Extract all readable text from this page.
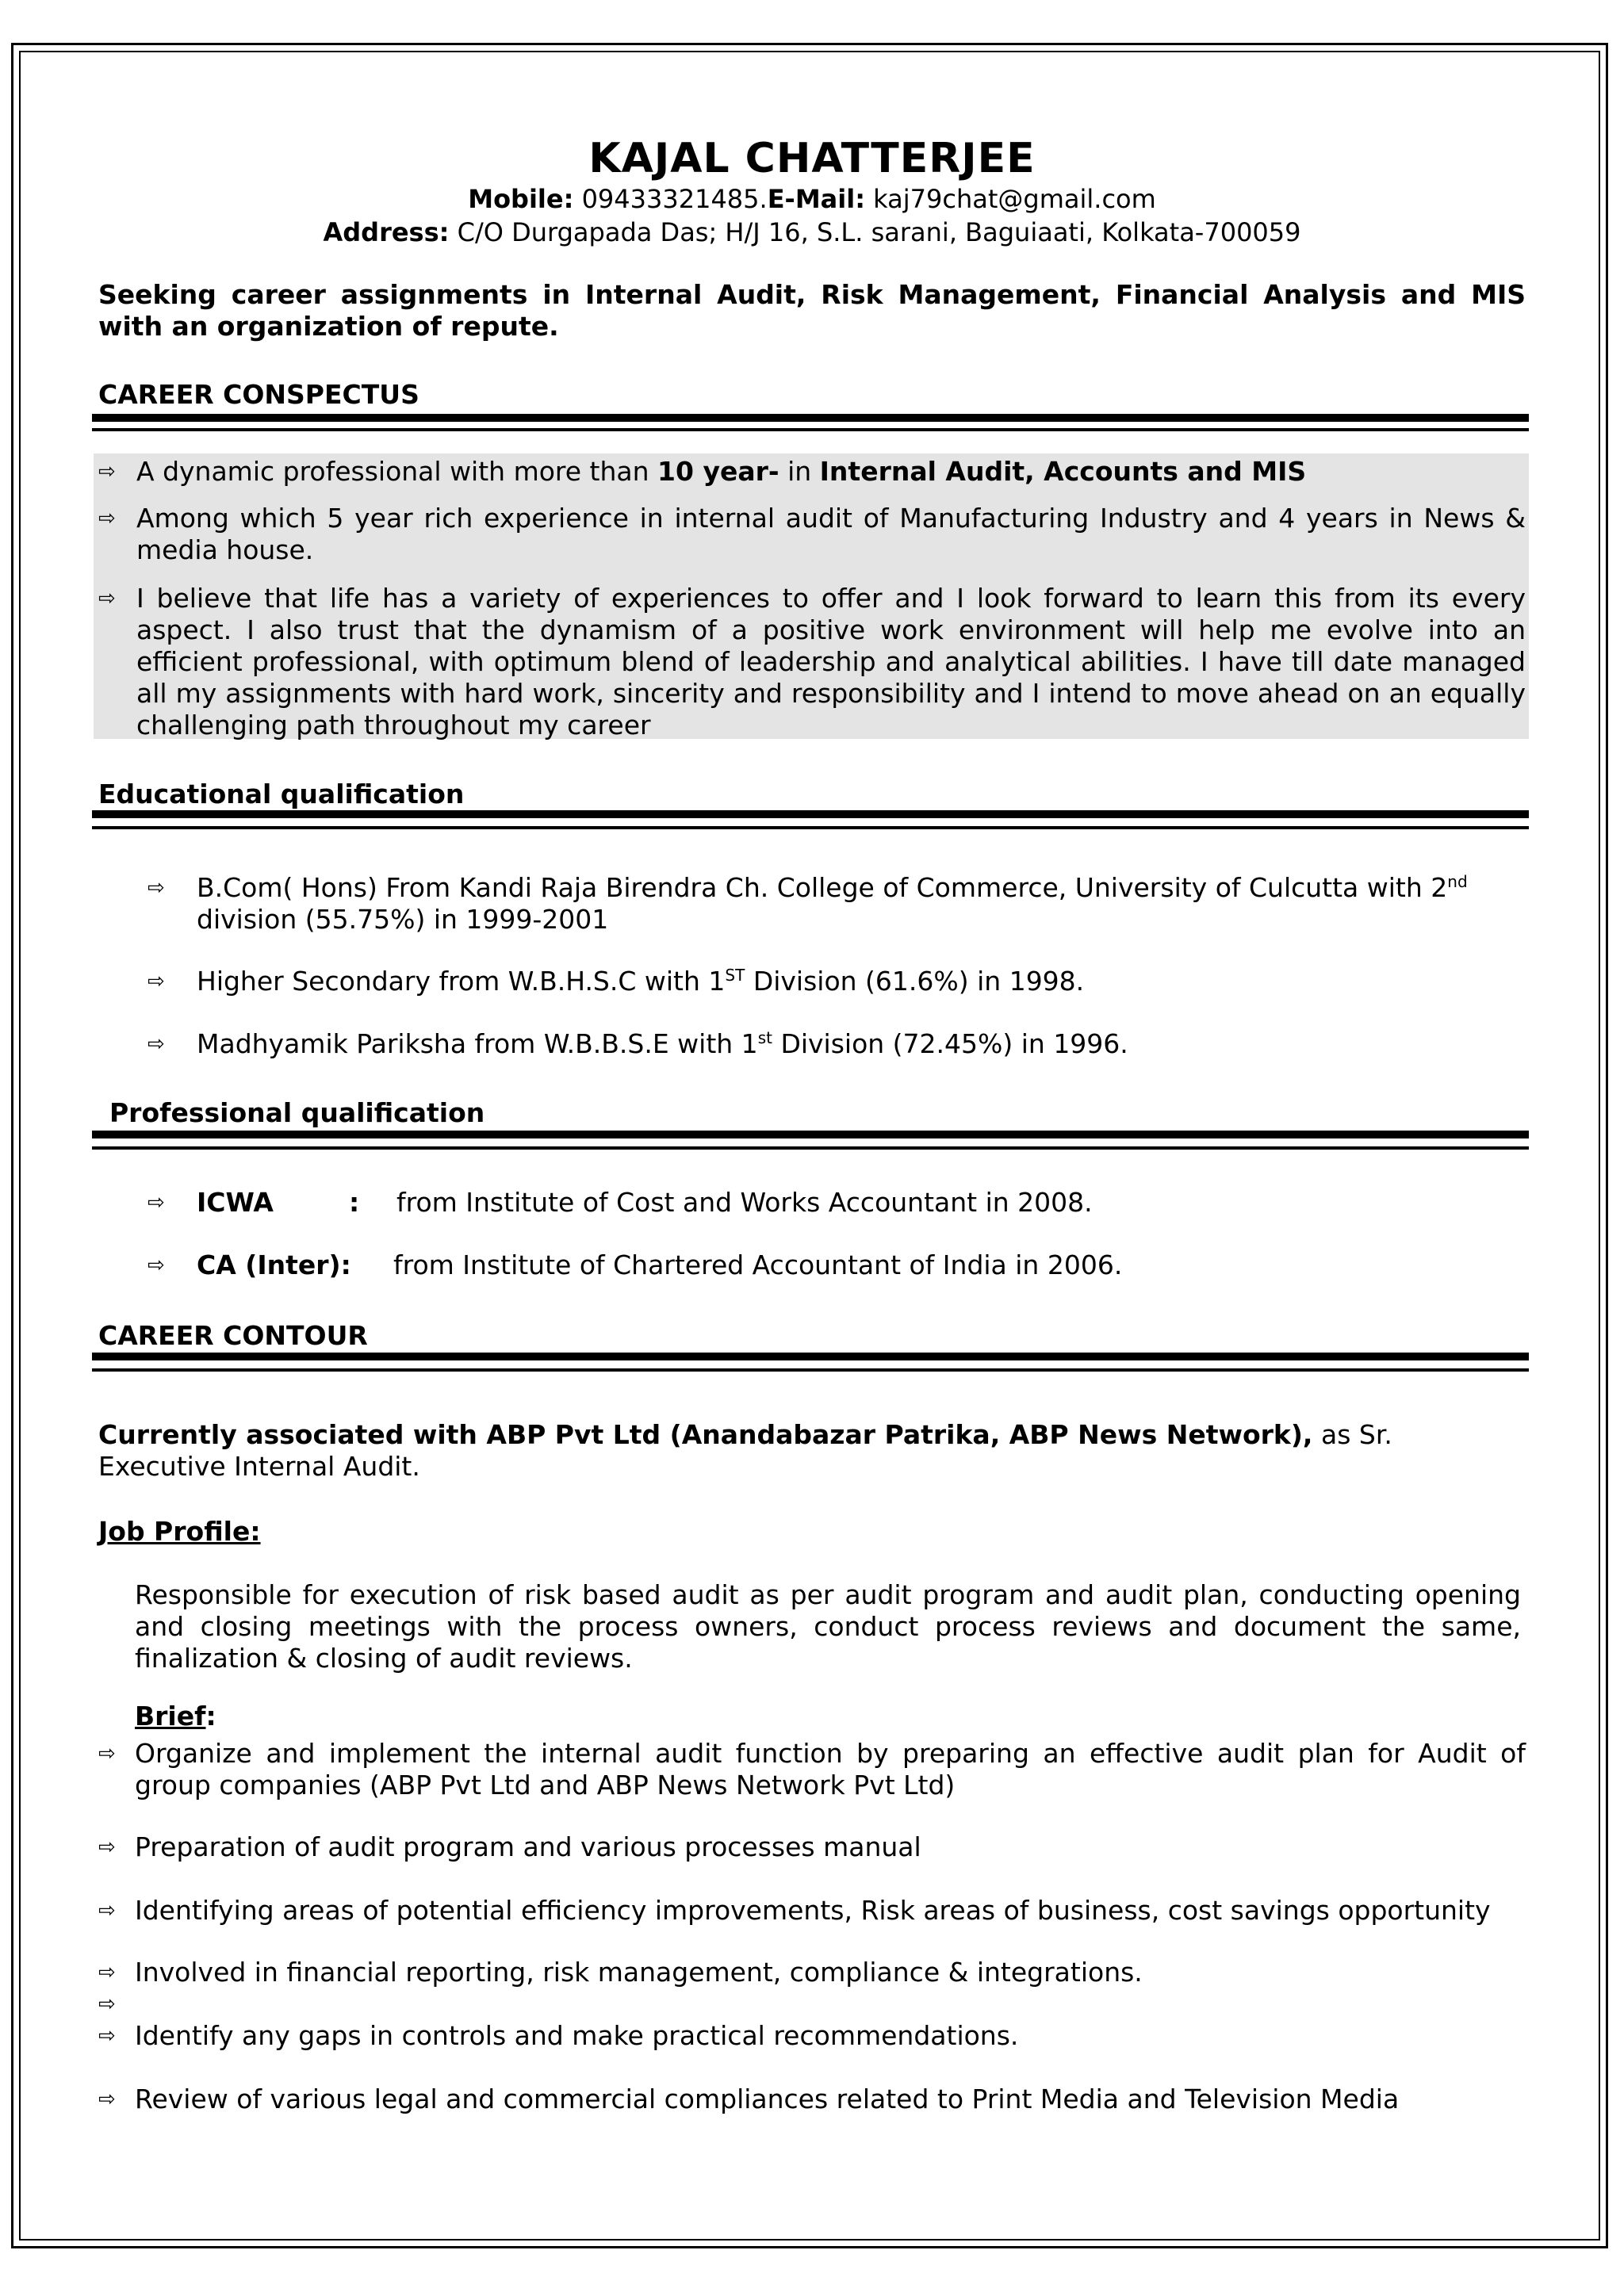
KAJAL CHATTERJEE
Mobile: 09433321485.E-Mail: kaj79chat@gmail.com
Address: C/O Durgapada Das; H/J 16, S.L. sarani, Baguiaati, Kolkata-700059
Seeking career assignments in Internal Audit, Risk Management, Financial Analysis and MIS with an organization of repute.
CAREER CONSPECTUS
⇨ A dynamic professional with more than 10 year- in Internal Audit, Accounts and MIS
⇨ Among which 5 year rich experience in internal audit of Manufacturing Industry and 4 years in News & media house.
⇨ I believe that life has a variety of experiences to offer and I look forward to learn this from its every aspect. I also trust that the dynamism of a positive work environment will help me evolve into an efficient professional, with optimum blend of leadership and analytical abilities. I have till date managed all my assignments with hard work, sincerity and responsibility and I intend to move ahead on an equally challenging path throughout my career
Educational qualification
⇨ B.Com( Hons) From Kandi Raja Birendra Ch. College of Commerce, University of Culcutta with 2nd
division (55.75%) in 1999-2001
⇨ Higher Secondary from W.B.H.S.C with 1ST Division (61.6%) in 1998.
⇨ Madhyamik Pariksha from W.B.B.S.E with 1st Division (72.45%) in 1996.
Professional qualification
⇨ ICWA	: from Institute of Cost and Works Accountant in 2008.
⇨ CA (Inter): from Institute of Chartered Accountant of India in 2006.
CAREER CONTOUR
Currently associated with ABP Pvt Ltd (Anandabazar Patrika, ABP News Network), as Sr. Executive Internal Audit.
Job Profile:
Responsible for execution of risk based audit as per audit program and audit plan, conducting opening and closing meetings with the process owners, conduct process reviews and document the same, finalization & closing of audit reviews.
Brief:
⇨ Organize and implement the internal audit function by preparing an effective audit plan for Audit of group companies (ABP Pvt Ltd and ABP News Network Pvt Ltd)
⇨ Preparation of audit program and various processes manual
⇨ Identifying areas of potential efficiency improvements, Risk areas of business, cost savings opportunity
⇨ Involved in financial reporting, risk management, compliance & integrations.
⇨
⇨ Identify any gaps in controls and make practical recommendations.
⇨ Review of various legal and commercial compliances related to Print Media and Television Media
